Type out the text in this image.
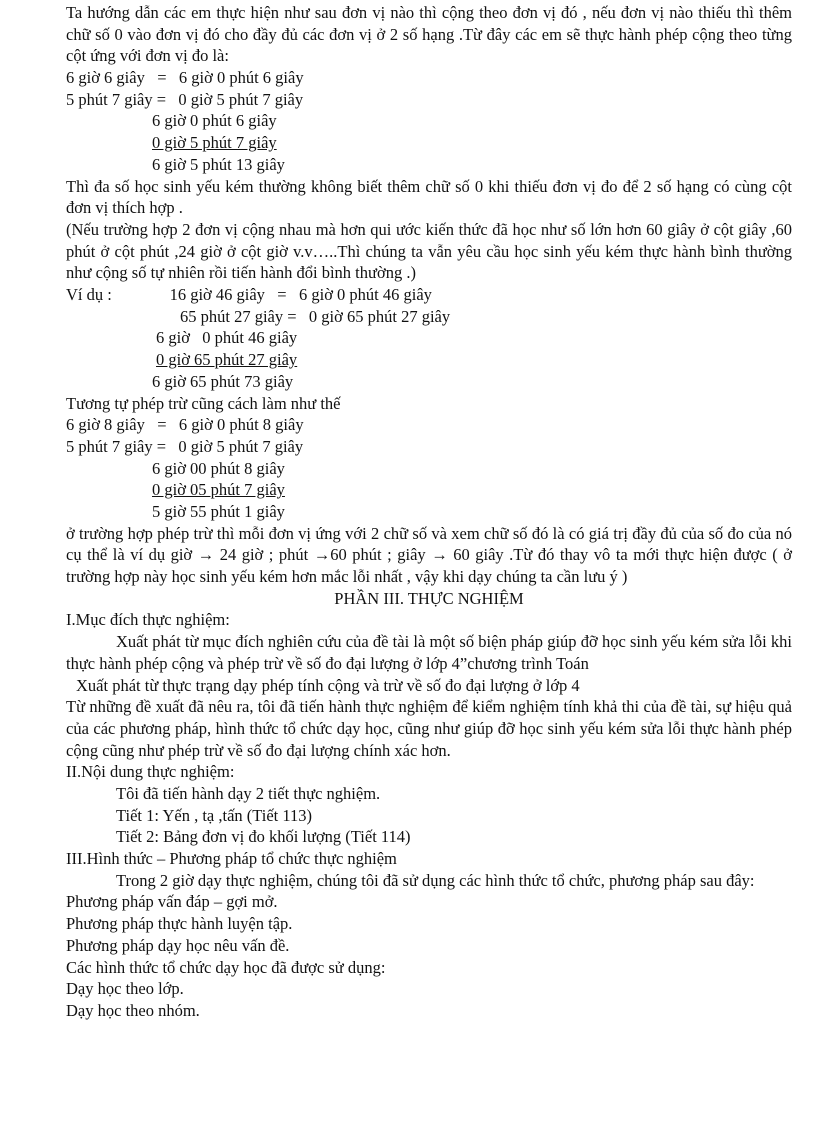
Ta hướng dẫn các em thực hiện như sau đơn vị nào thì cộng theo đơn vị đó , nếu đơn vị nào thiếu thì thêm chữ số 0 vào đơn vị đó cho đầy đủ các đơn vị ở 2 số hạng .Từ đây các em sẽ thực hành phép cộng theo từng cột ứng với đơn vị đo là:
6 giờ 6 giây   =   6 giờ 0 phút 6 giây
5 phút 7 giây =   0 giờ 5 phút 7 giây
6 giờ 0 phút 6 giây
0 giờ 5 phút 7 giây
6 giờ 5 phút 13 giây
Thì đa số học sinh yếu kém thường không biết thêm chữ số 0 khi thiếu đơn vị đo để 2 số hạng có cùng cột đơn vị thích hợp .
(Nếu trường hợp 2 đơn vị cộng nhau mà hơn qui ước kiến thức đã học như số lớn hơn 60 giây ở cột giây ,60 phút ở cột phút ,24 giờ ở cột giờ v.v…..Thì chúng ta vẫn yêu cầu học sinh yếu kém thực hành bình thường như cộng số tự nhiên rồi tiến hành đổi bình thường .)
Ví dụ :              16 giờ 46 giây   =   6 giờ 0 phút 46 giây
65 phút 27 giây =   0 giờ 65 phút 27 giây
6 giờ   0 phút 46 giây
0 giờ 65 phút 27 giây
6 giờ 65 phút 73 giây
Tương tự phép trừ cũng cách làm như thế
6 giờ 8 giây   =   6 giờ 0 phút 8 giây
5 phút 7 giây =   0 giờ 5 phút 7 giây
6 giờ 00 phút 8 giây
0 giờ 05 phút 7 giây
5 giờ 55 phút 1 giây
ở trường hợp phép trừ thì mỗi đơn vị ứng với 2 chữ số và xem chữ số đó là có giá trị đầy đủ của số đo của nó cụ thể là ví dụ giờ → 24 giờ ; phút →60 phút ; giây → 60 giây .Từ đó thay vô ta mới thực hiện được ( ở trường hợp này học sinh yếu kém hơn mắc lỗi nhất , vậy khi dạy chúng ta cần lưu ý )
PHẦN III. THỰC NGHIỆM
I.Mục đích thực nghiệm:
Xuất phát từ mục đích nghiên cứu của đề tài là một số biện pháp giúp đỡ học sinh yếu kém sửa lỗi khi thực hành phép cộng và phép trừ về số đo đại lượng ở lớp 4”chương trình Toán
Xuất phát từ thực trạng dạy phép tính cộng và trừ về số đo đại lượng ở lớp 4
Từ những đề xuất đã nêu ra, tôi đã tiến hành thực nghiệm để kiểm nghiệm tính khả thi của đề tài, sự hiệu quả của các phương pháp, hình thức tổ chức dạy học, cũng như giúp đỡ học sinh yếu kém sửa lỗi thực hành phép cộng cũng như phép trừ về số đo đại lượng chính xác hơn.
II.Nội dung thực nghiệm:
Tôi đã tiến hành dạy 2 tiết thực nghiệm.
Tiết 1: Yến , tạ ,tấn (Tiết 113)
Tiết 2: Bảng đơn vị đo khối lượng (Tiết 114)
III.Hình thức – Phương pháp tổ chức thực nghiệm
Trong 2 giờ dạy thực nghiệm, chúng tôi đã sử dụng các hình thức tổ chức, phương pháp sau đây:
Phương pháp vấn đáp – gợi mở.
Phương pháp thực hành luyện tập.
Phương pháp dạy học nêu vấn đề.
Các hình thức tổ chức dạy học đã được sử dụng:
Dạy học theo lớp.
Dạy học theo nhóm.
